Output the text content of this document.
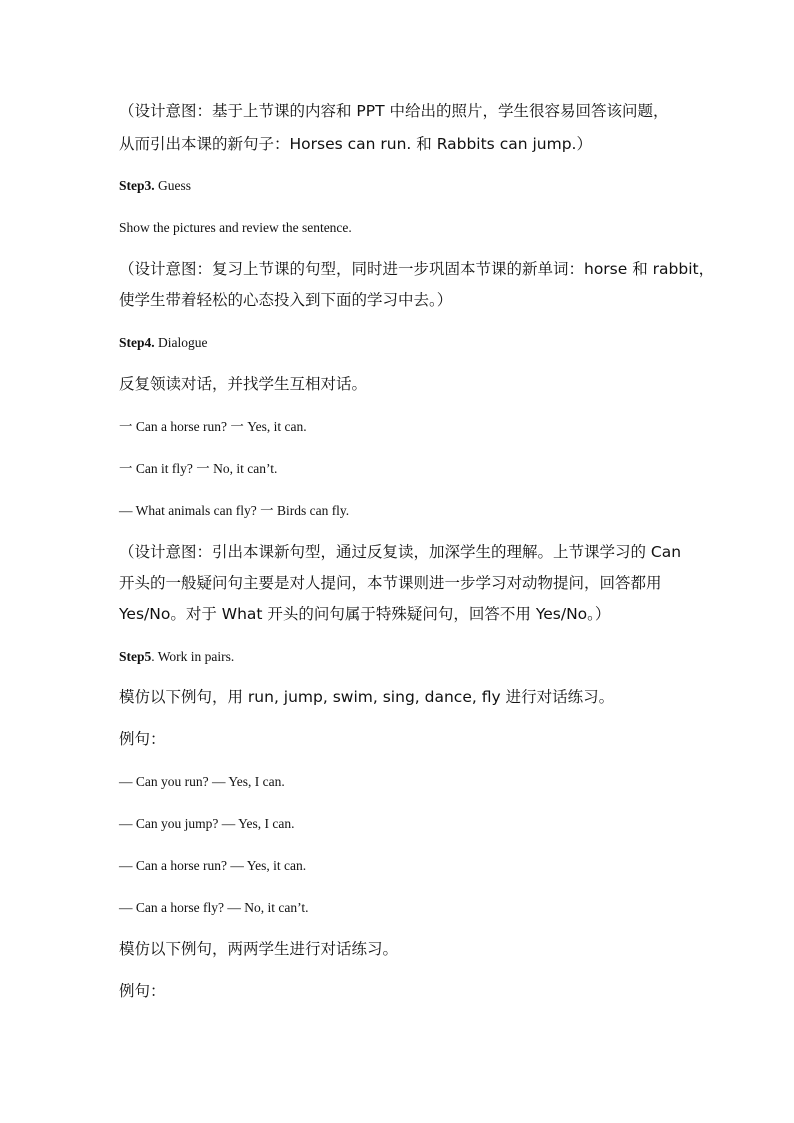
（设计意图：基于上节课的内容和 PPT 中给出的照片，学生很容易回答该问题，
从而引出本课的新句子：Horses can run. 和 Rabbits can jump.）
Step3. Guess
Show the pictures and review the sentence.
（设计意图：复习上节课的句型，同时进一步巩固本节课的新单词：horse 和 rabbit，
使学生带着轻松的心态投入到下面的学习中去。）
Step4. Dialogue
反复领读对话，并找学生互相对话。
一 Can a horse run? 一 Yes, it can.
一 Can it fly? 一 No, it can’t.
— What animals can fly? 一 Birds can fly.
（设计意图：引出本课新句型，通过反复读，加深学生的理解。上节课学习的 Can
开头的一般疑问句主要是对人提问，本节课则进一步学习对动物提问，回答都用
Yes/No。对于 What 开头的问句属于特殊疑问句，回答不用 Yes/No。）
Step5. Work in pairs.
模仿以下例句，用 run, jump, swim, sing, dance, fly 进行对话练习。
例句：
— Can you run? — Yes, I can.
— Can you jump? — Yes, I can.
— Can a horse run? — Yes, it can.
— Can a horse fly? — No, it can’t.
模仿以下例句，两两学生进行对话练习。
例句：
